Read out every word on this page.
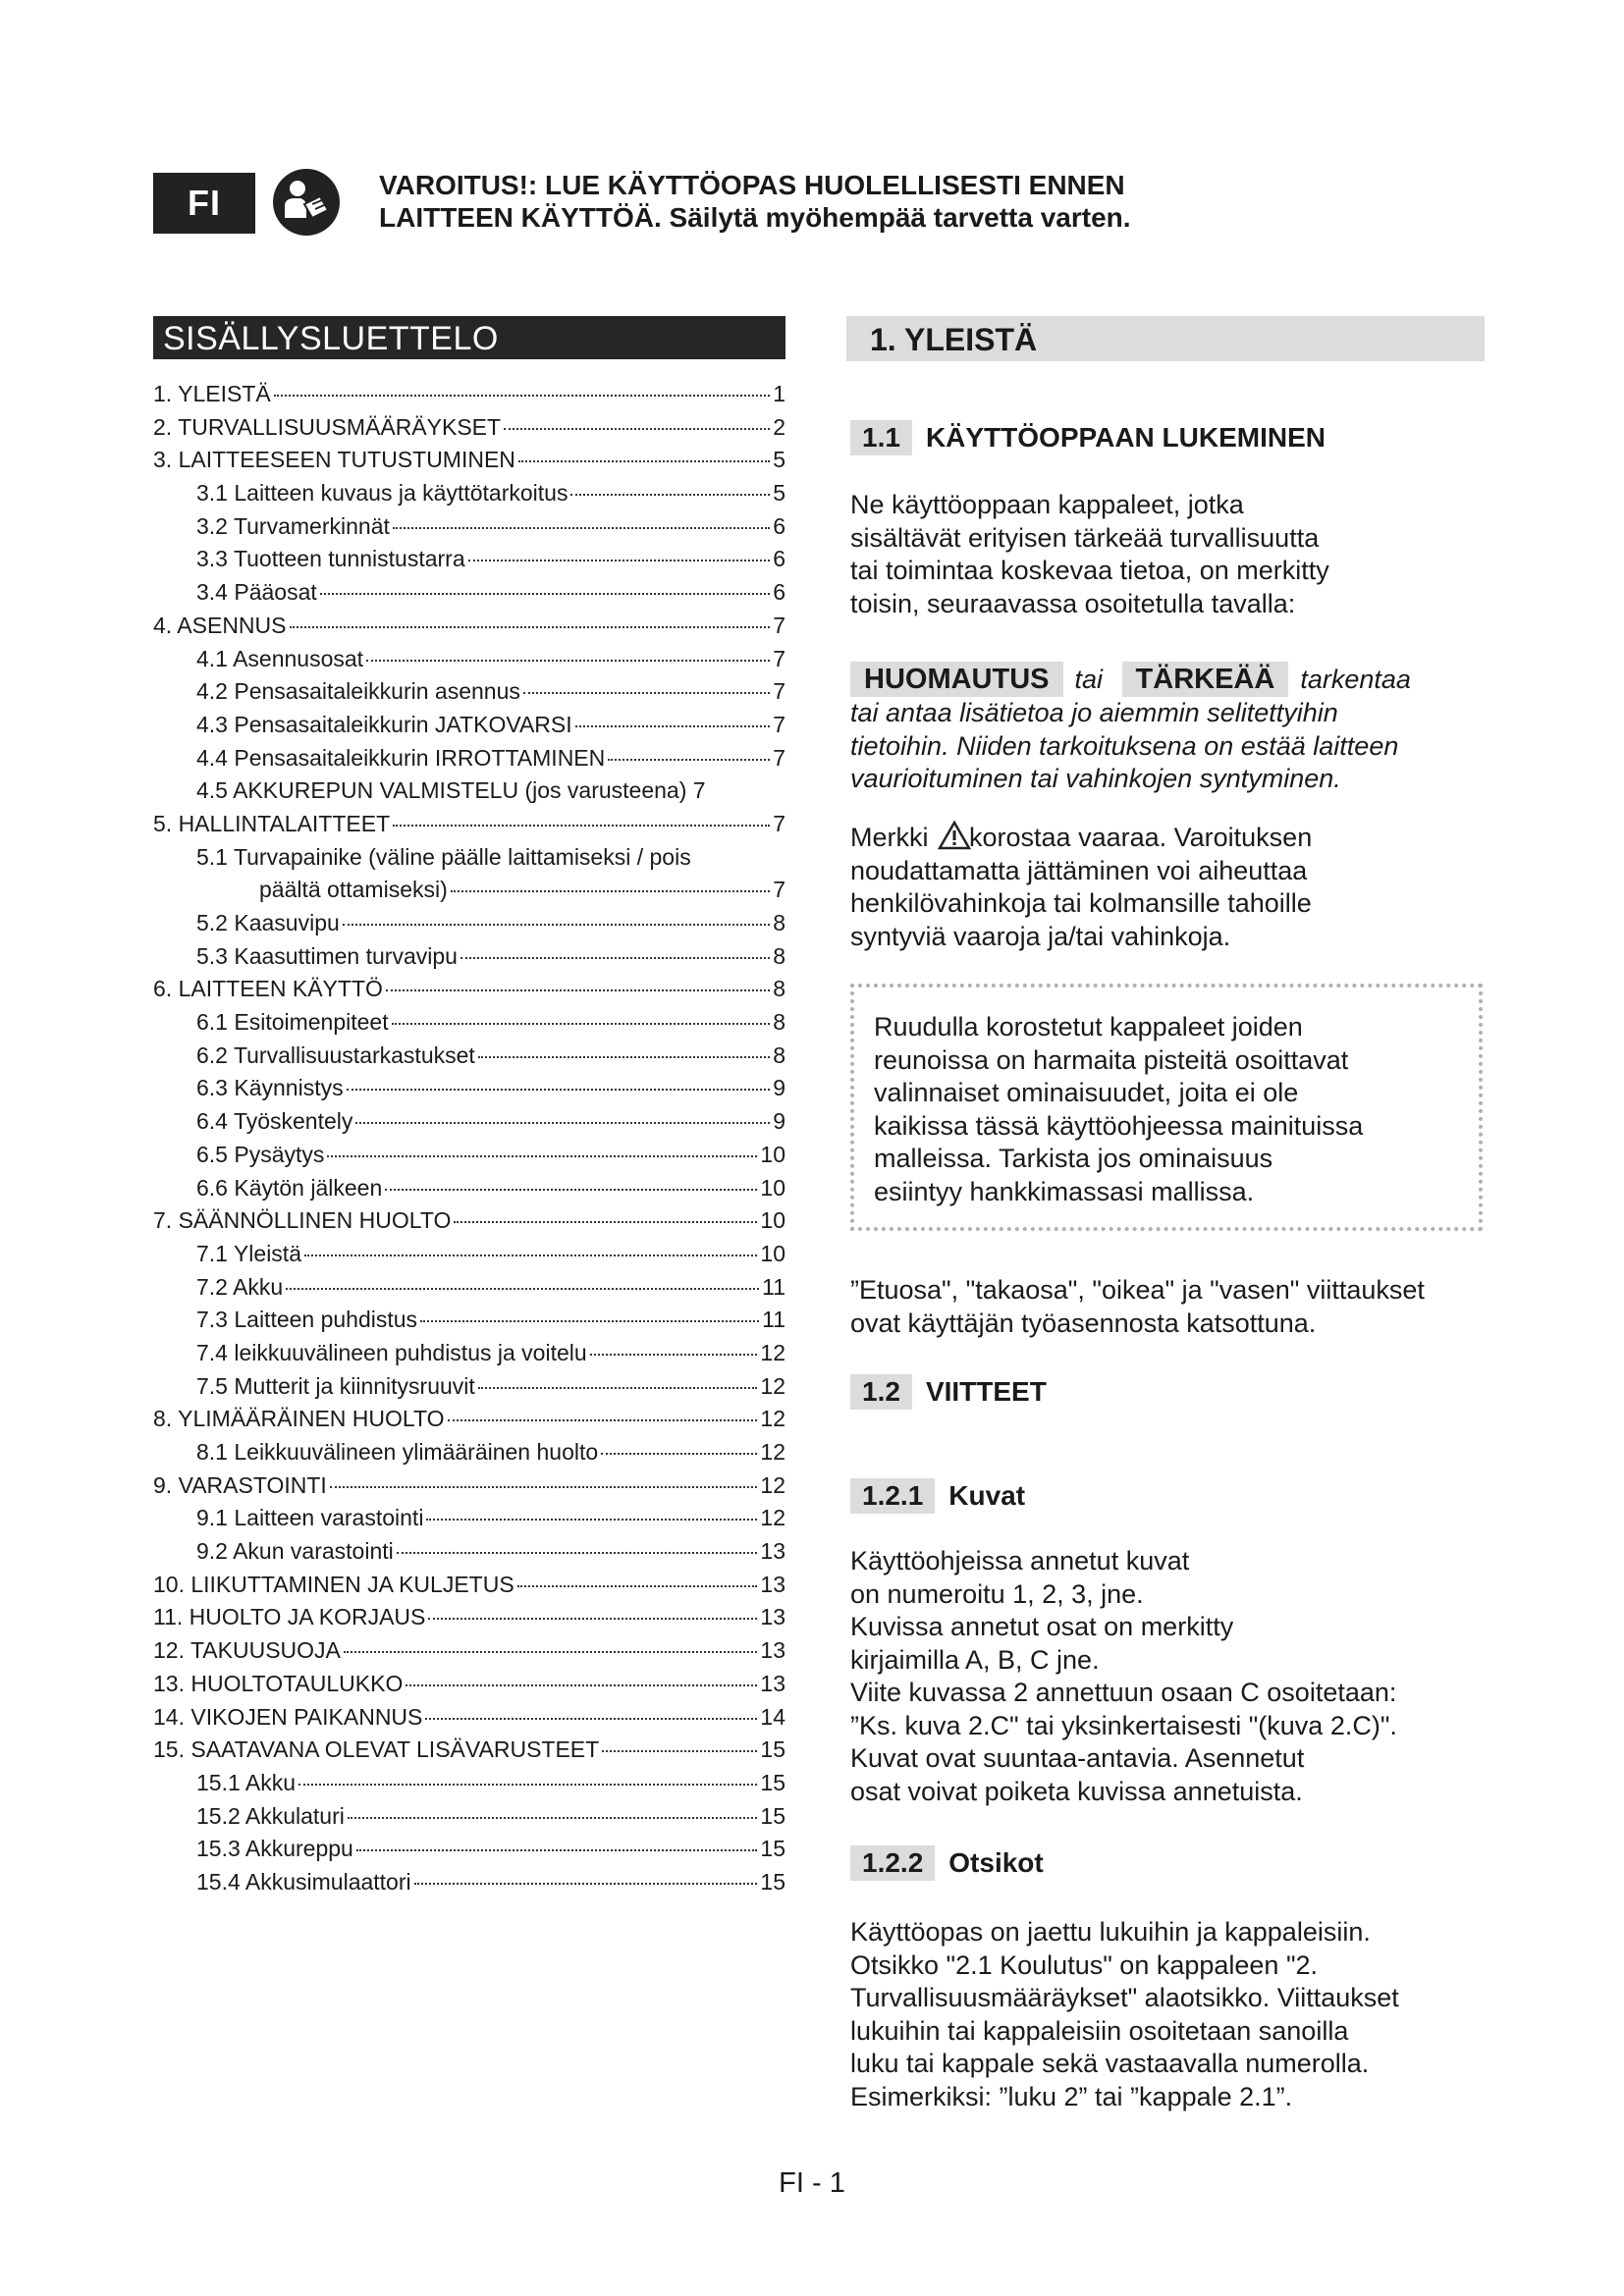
FI	VAROITUS!: LUE KÄYTTÖOPAS HUOLELLISESTI ENNEN
LAITTEEN KÄYTTÖÄ. Säilytä myöhempää tarvetta varten.
SISÄLLYSLUETTELO
1. YLEISTÄ	1
2. TURVALLISUUSMÄÄRÄYKSET	2
3. LAITTEESEEN TUTUSTUMINEN	5
3.1 Laitteen kuvaus ja käyttötarkoitus	5
3.2 Turvamerkinnät	6
3.3 Tuotteen tunnistustarra	6
3.4 Pääosat	6
4. ASENNUS	7
4.1 Asennusosat	7
4.2 Pensasaitaleikkurin asennus	7
4.3 Pensasaitaleikkurin JATKOVARSI	7
4.4 Pensasaitaleikkurin IRROTTAMINEN	7
4.5 AKKUREPUN VALMISTELU (jos varusteena) 7
5. HALLINTALAITTEET	7
5.1 Turvapainike (väline päälle laittamiseksi / pois
päältä ottamiseksi)	7
5.2 Kaasuvipu	8
5.3 Kaasuttimen turvavipu	8
6. LAITTEEN KÄYTTÖ	8
6.1 Esitoimenpiteet	8
6.2 Turvallisuustarkastukset	8
6.3 Käynnistys	9
6.4 Työskentely	9
6.5 Pysäytys	10
6.6 Käytön jälkeen	10
7. SÄÄNNÖLLINEN HUOLTO	10
7.1 Yleistä	10
7.2 Akku	11
7.3 Laitteen puhdistus	11
7.4 leikkuuvälineen puhdistus ja voitelu	12
7.5 Mutterit ja kiinnitysruuvit	12
8. YLIMÄÄRÄINEN HUOLTO	12
8.1 Leikkuuvälineen ylimääräinen huolto	12
9. VARASTOINTI	12
9.1 Laitteen varastointi	12
9.2 Akun varastointi	13
10. LIIKUTTAMINEN JA KULJETUS	13
11. HUOLTO JA KORJAUS	13
12. TAKUUSUOJA	13
13. HUOLTOTAULUKKO	13
14. VIKOJEN PAIKANNUS	14
15. SAATAVANA OLEVAT LISÄVARUSTEET	15
15.1 Akku	15
15.2 Akkulaturi	15
15.3 Akkureppu	15
15.4 Akkusimulaattori	15
1. YLEISTÄ
1.1 KÄYTTÖOPPAAN LUKEMINEN
Ne käyttöoppaan kappaleet, jotka
sisältävät erityisen tärkeää turvallisuutta
tai toimintaa koskevaa tietoa, on merkitty
toisin, seuraavassa osoitetulla tavalla:
HUOMAUTUS tai TÄRKEÄÄ tarkentaa
tai antaa lisätietoa jo aiemmin selitettyihin
tietoihin. Niiden tarkoituksena on estää laitteen
vaurioituminen tai vahinkojen syntyminen.
Merkki korostaa vaaraa. Varoituksen
noudattamatta jättäminen voi aiheuttaa
henkilövahinkoja tai kolmansille tahoille
syntyviä vaaroja ja/tai vahinkoja.
Ruudulla korostetut kappaleet joiden
reunoissa on harmaita pisteitä osoittavat
valinnaiset ominaisuudet, joita ei ole
kaikissa tässä käyttöohjeessa mainituissa
malleissa. Tarkista jos ominaisuus
esiintyy hankkimassasi mallissa.
”Etuosa", "takaosa", "oikea" ja "vasen" viittaukset
ovat käyttäjän työasennosta katsottuna.
1.2 VIITTEET
1.2.1 Kuvat
Käyttöohjeissa annetut kuvat
on numeroitu 1, 2, 3, jne.
Kuvissa annetut osat on merkitty
kirjaimilla A, B, C jne.
Viite kuvassa 2 annettuun osaan C osoitetaan:
”Ks. kuva 2.C" tai yksinkertaisesti "(kuva 2.C)".
Kuvat ovat suuntaa-antavia. Asennetut
osat voivat poiketa kuvissa annetuista.
1.2.2 Otsikot
Käyttöopas on jaettu lukuihin ja kappaleisiin.
Otsikko "2.1 Koulutus" on kappaleen "2.
Turvallisuusmääräykset" alaotsikko. Viittaukset
lukuihin tai kappaleisiin osoitetaan sanoilla
luku tai kappale sekä vastaavalla numerolla.
Esimerkiksi: ”luku 2” tai ”kappale 2.1”.
FI - 1
